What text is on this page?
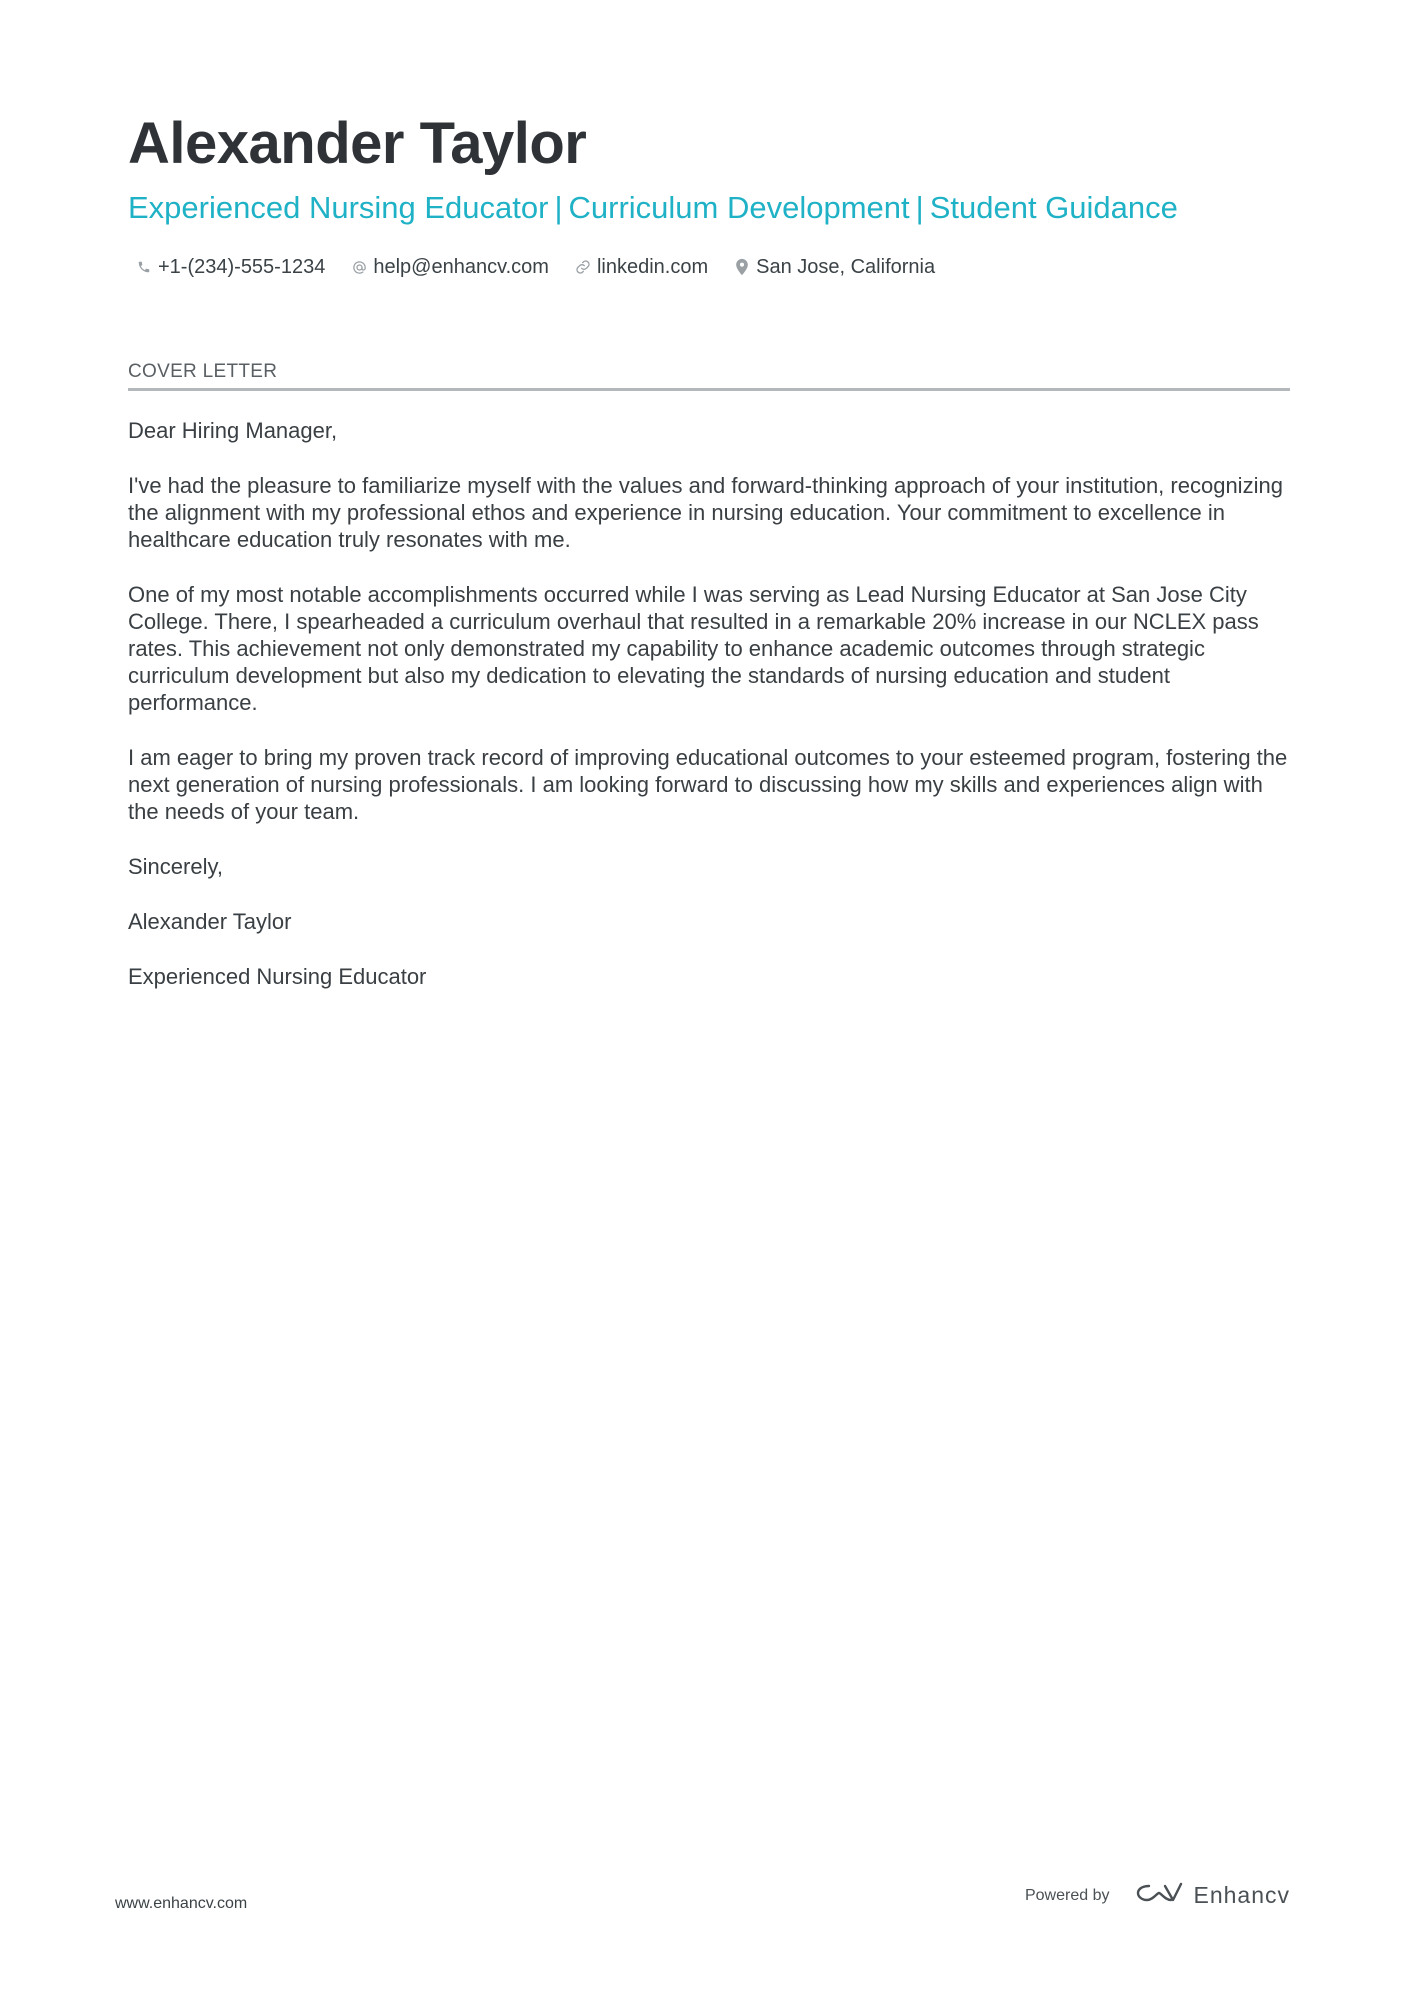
Alexander Taylor
Experienced Nursing Educator | Curriculum Development | Student Guidance
+1-(234)-555-1234 help@enhancv.com linkedin.com San Jose, California
COVER LETTER

Dear Hiring Manager,

I've had the pleasure to familiarize myself with the values and forward-thinking approach of your institution, recognizing the alignment with my professional ethos and experience in nursing education. Your commitment to excellence in healthcare education truly resonates with me.

One of my most notable accomplishments occurred while I was serving as Lead Nursing Educator at San Jose City College. There, I spearheaded a curriculum overhaul that resulted in a remarkable 20% increase in our NCLEX pass rates. This achievement not only demonstrated my capability to enhance academic outcomes through strategic curriculum development but also my dedication to elevating the standards of nursing education and student performance.

I am eager to bring my proven track record of improving educational outcomes to your esteemed program, fostering the next generation of nursing professionals. I am looking forward to discussing how my skills and experiences align with the needs of your team.

Sincerely,

Alexander Taylor

Experienced Nursing Educator

www.enhancv.com	Powered by	Enhancv
